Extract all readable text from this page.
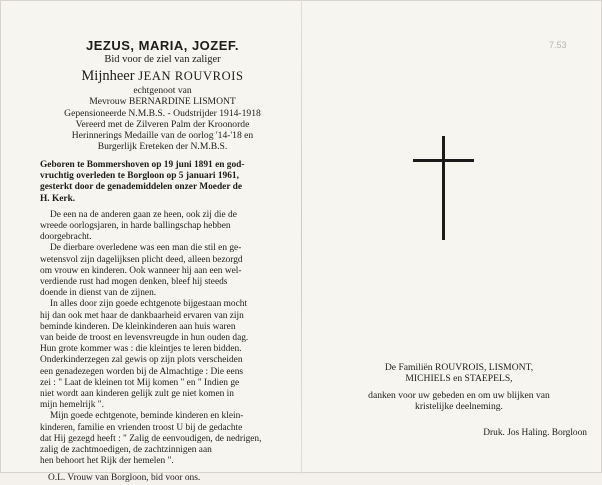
JEZUS, MARIA, JOZEF.
Bid voor de ziel van zaliger
Mijnheer JEAN ROUVROIS
echtgenoot van
Mevrouw BERNARDINE LISMONT
Gepensioneerde N.M.B.S. - Oudstrijder 1914-1918
Vereerd met de Zilveren Palm der Kroonorde
Herinnerings Medaille van de oorlog '14-'18 en
Burgerlijk Ereteken der N.M.B.S.
Geboren te Bommershoven op 19 juni 1891 en god-
vruchtig overleden te Borgloon op 5 januari 1961,
gesterkt door de genademiddelen onzer Moeder de
H. Kerk.
De een na de anderen gaan ze heen, ook zij die de
wreede oorlogsjaren, in harde ballingschap hebben
doorgebracht.
De dierbare overledene was een man die stil en ge-
wetensvol zijn dagelijksen plicht deed, alleen bezorgd
om vrouw en kinderen. Ook wanneer hij aan een wel-
verdiende rust had mogen denken, bleef hij steeds
doende in dienst van de zijnen.
In alles door zijn goede echtgenote bijgestaan mocht
hij dan ook met haar de dankbaarheid ervaren van zijn
beminde kinderen. De kleinkinderen aan huis waren
van beide de troost en levensvreugde in hun ouden dag.
Hun grote kommer was : die kleintjes te leren bidden.
Onderkinderzegen zal gewis op zijn plots verscheiden
een genadezegen worden bij de Almachtige : Die eens
zei : " Laat de kleinen tot Mij komen " en " Indien ge
niet wordt aan kinderen gelijk zult ge niet komen in
mijn hemelrijk ".
Mijn goede echtgenote, beminde kinderen en klein-
kinderen, familie en vrienden troost U bij de gedachte
dat Hij gezegd heeft : " Zalig de eenvoudigen, de nedrigen,
zalig de zachtmoedigen, de zachtzinnigen aan
hen behoort het Rijk der hemelen ".
O.L. Vrouw van Borgloon, bid voor ons.
7.53
De Familiën ROUVROIS, LISMONT,
MICHIELS en STAEPELS,
danken voor uw gebeden en om uw blijken van
kristelijke deelneming.
Druk. Jos Haling. Borgloon
